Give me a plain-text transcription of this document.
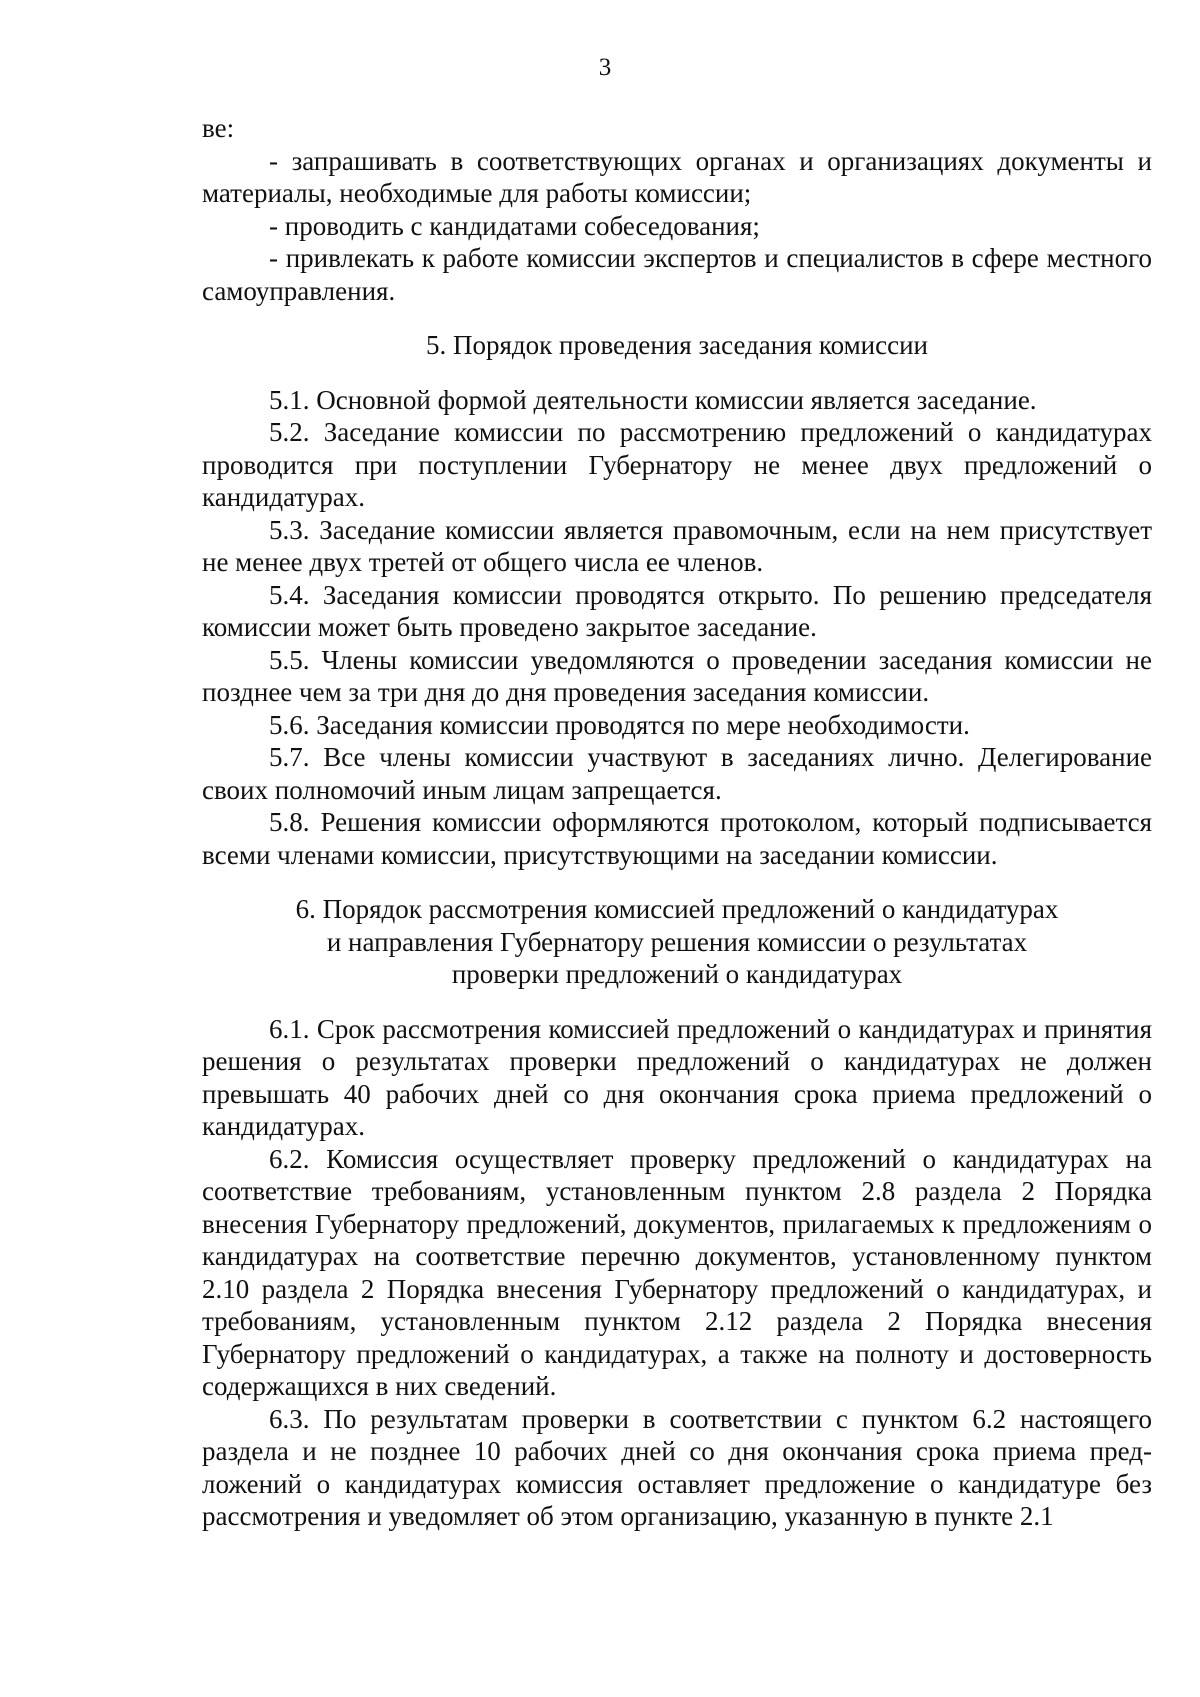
3

ве:

- запрашивать в соответствующих органах и организациях документы и материалы, необходимые для работы комиссии;

- проводить с кандидатами собеседования;

- привлекать к работе комиссии экспертов и специалистов в сфере местного самоуправления.

5. Порядок проведения заседания комиссии

5.1. Основной формой деятельности комиссии является заседание.

5.2. Заседание комиссии по рассмотрению предложений о кандидатурах проводится при поступлении Губернатору не менее двух предложений о кандидатурах.

5.3. Заседание комиссии является правомочным, если на нем присутствует не менее двух третей от общего числа ее членов.

5.4. Заседания комиссии проводятся открыто. По решению председателя комиссии может быть проведено закрытое заседание.

5.5. Члены комиссии уведомляются о проведении заседания комиссии не позднее чем за три дня до дня проведения заседания комиссии.

5.6. Заседания комиссии проводятся по мере необходимости.

5.7. Все члены комиссии участвуют в заседаниях лично. Делегирование своих полномочий иным лицам запрещается.

5.8. Решения комиссии оформляются протоколом, который подписывается всеми членами комиссии, присутствующими на заседании комиссии.

6. Порядок рассмотрения комиссией предложений о кандидатурах
и направления Губернатору решения комиссии о результатах
проверки предложений о кандидатурах

6.1. Срок рассмотрения комиссией предложений о кандидатурах и принятия решения о результатах проверки предложений о кандидатурах не должен превышать 40 рабочих дней со дня окончания срока приема предложений о кандидатурах.

6.2. Комиссия осуществляет проверку предложений о кандидатурах на соответствие требованиям, установленным пунктом 2.8 раздела 2 Порядка внесения Губернатору предложений, документов, прилагаемых к предложениям о кандидатурах на соответствие перечню документов, установленному пунктом 2.10 раздела 2 Порядка внесения Губернатору предложений о кандидатурах, и требованиям, установленным пунктом 2.12 раздела 2 Порядка внесения Губернатору предложений о кандидатурах, а также на полноту и достоверность содержащихся в них сведений.

6.3. По результатам проверки в соответствии с пунктом 6.2 настоящего раздела и не позднее 10 рабочих дней со дня окончания срока приема предложений о кандидатурах комиссия оставляет предложение о кандидатуре без рассмотрения и уведомляет об этом организацию, указанную в пункте 2.1
